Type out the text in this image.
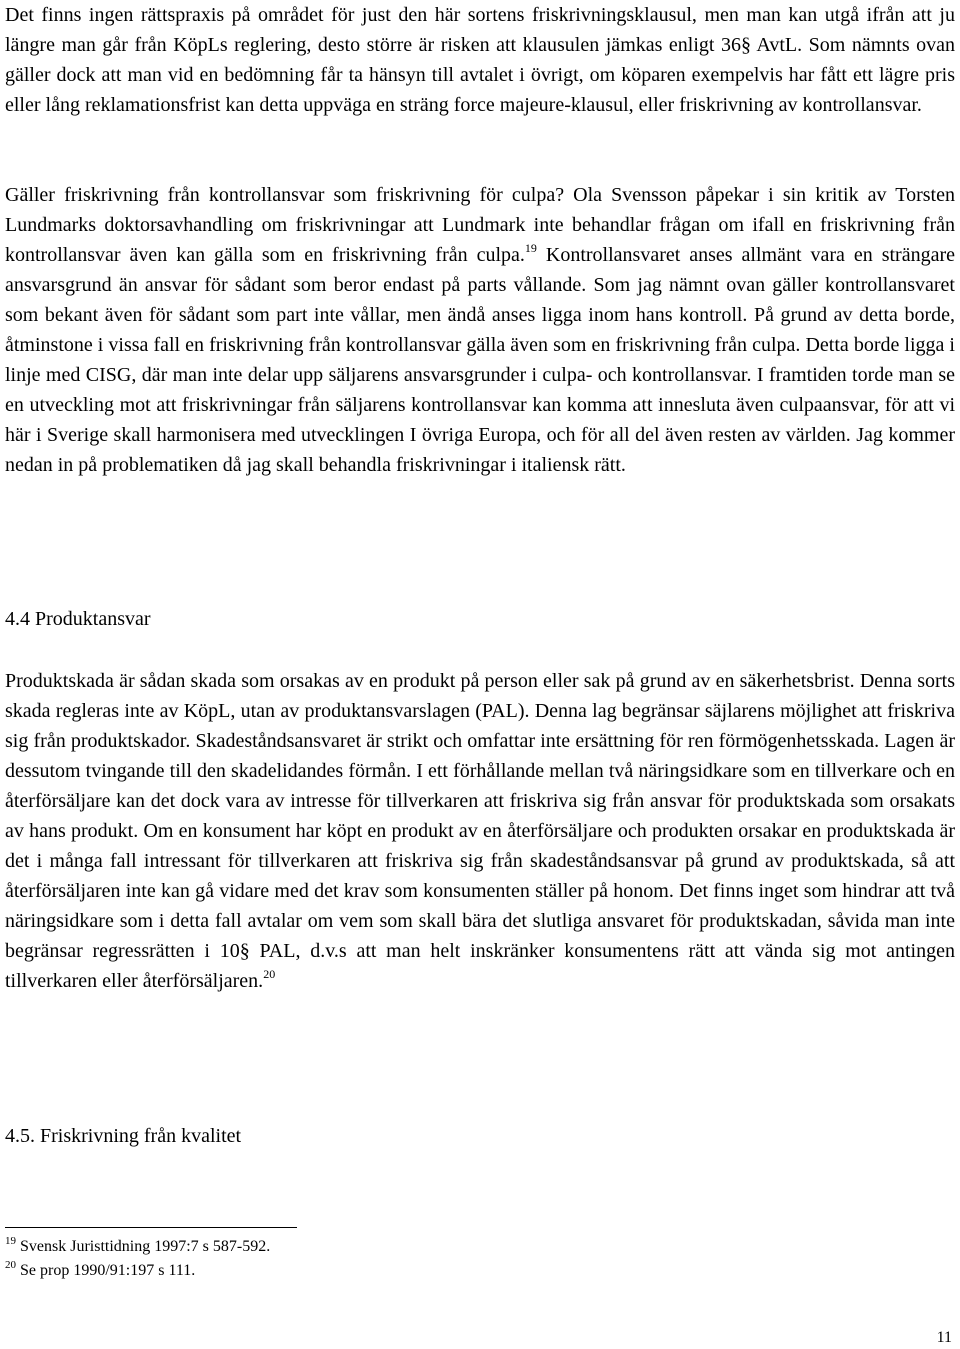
Det finns ingen rättspraxis på området för just den här sortens friskrivningsklausul, men man kan utgå ifrån att ju längre man går från KöpLs reglering, desto större är risken att klausulen jämkas enligt 36§ AvtL. Som nämnts ovan gäller dock att man vid en bedömning får ta hänsyn till avtalet i övrigt, om köparen exempelvis har fått ett lägre pris eller lång reklamationsfrist kan detta uppväga en sträng force majeure-klausul, eller friskrivning av kontrollansvar.

Gäller friskrivning från kontrollansvar som friskrivning för culpa? Ola Svensson påpekar i sin kritik av Torsten Lundmarks doktorsavhandling om friskrivningar att Lundmark inte behandlar frågan om ifall en friskrivning från kontrollansvar även kan gälla som en friskrivning från culpa.$^{19}$ Kontrollansvaret anses allmänt vara en strängare ansvarsgrund än ansvar för sådant som beror endast på parts vållande. Som jag nämnt ovan gäller kontrollansvaret som bekant även för sådant som part inte vållar, men ändå anses ligga inom hans kontroll. På grund av detta borde, åtminstone i vissa fall en friskrivning från kontrollansvar gälla även som en friskrivning från culpa. Detta borde ligga i linje med CISG, där man inte delar upp säljarens ansvarsgrunder i culpa- och kontrollansvar. I framtiden torde man se en utveckling mot att friskrivningar från säljarens kontrollansvar kan komma att innesluta även culpaansvar, för att vi här i Sverige skall harmonisera med utvecklingen I övriga Europa, och för all del även resten av världen. Jag kommer nedan in på problematiken då jag skall behandla friskrivningar i italiensk rätt.

4.4 Produktansvar

Produktskada är sådan skada som orsakas av en produkt på person eller sak på grund av en säkerhetsbrist. Denna sorts skada regleras inte av KöpL, utan av produktansvarslagen (PAL). Denna lag begränsar säjlarens möjlighet att friskriva sig från produktskador. Skadeståndsansvaret är strikt och omfattar inte ersättning för ren förmögenhetsskada. Lagen är dessutom tvingande till den skadelidandes förmån. I ett förhållande mellan två näringsidkare som en tillverkare och en återförsäljare kan det dock vara av intresse för tillverkaren att friskriva sig från ansvar för produktskada som orsakats av hans produkt. Om en konsument har köpt en produkt av en återförsäljare och produkten orsakar en produktskada är det i många fall intressant för tillverkaren att friskriva sig från skadeståndsansvar på grund av produktskada, så att återförsäljaren inte kan gå vidare med det krav som konsumenten ställer på honom. Det finns inget som hindrar att två näringsidkare som i detta fall avtalar om vem som skall bära det slutliga ansvaret för produktskadan, såvida man inte begränsar regressrätten i 10§ PAL, d.v.s att man helt inskränker konsumentens rätt att vända sig mot antingen tillverkaren eller återförsäljaren.$^{20}$

4.5. Friskrivning från kvalitet
$^{19}$ Svensk Juristtidning 1997:7 s 587-592.
$^{20}$ Se prop 1990/91:197 s 111.
11
